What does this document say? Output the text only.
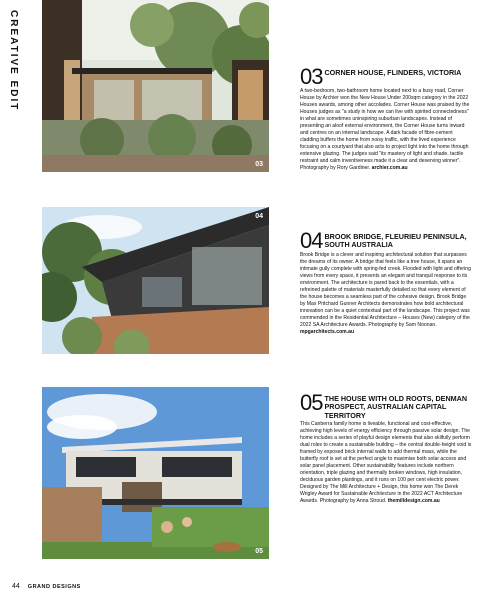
CREATIVE EDIT
03
04
05
03 CORNER HOUSE, FLINDERS, VICTORIA
A two-bedroom, two-bathroom home located next to a busy road, Corner House by Archier won the New House Under 200sqm category in the 2022 Houses awards, among other accolades. Corner House was praised by the Houses judges as "a study in how we can live with spirited connectedness" in what are sometimes uninspiring suburban landscapes. Instead of presenting an aloof external environment, the Corner House turns inward and centres on an internal landscape. A dark facade of fibre-cement cladding buffers the home from noisy traffic, with the lived experience focusing on a courtyard that also acts to project light into the home through extensive glazing. The judges said "its mastery of light and shade, tactile restraint and calm inventiveness made it a clear and deserving winner". Photography by Rory Gardiner. archier.com.au
04 BROOK BRIDGE, FLEURIEU PENINSULA, SOUTH AUSTRALIA
Brook Bridge is a clever and inspiring architectural solution that surpasses the dreams of its owner. A bridge that feels like a tree house, it spans an intimate gully complete with spring-fed creek. Flooded with light and offering views from every space, it presents an elegant and tranquil response to its environment. The architecture is pared back to the essentials, with a refreined palette of materials masterfully detailed so that every element of the house becomes a seamless part of the cohesive design. Brook Bridge by Max Pritchard Gunner Architects demonstrates how bold architectural innovation can be a quiet contextual part of the landscape. This project was commended in the Residential Architecture – Houses (New) category of the 2022 SA Architecture Awards. Photography by Sam Noonan. mpgarchitects.com.au
05 THE HOUSE WITH OLD ROOTS, DENMAN PROSPECT, AUSTRALIAN CAPITAL TERRITORY
This Canberra family home is liveable, functional and cost-effective, achieving high levels of energy efficiency through passive solar design. The home includes a series of playful design elements that also skilfully perform dual roles to create a sustainable building – the central double-height void is framed by exposed brick internal walls to add thermal mass, while the butterfly roof is set at the perfect angle to maximise both solar access and solar panel placement. Other sustainability features include northern orientation, triple glazing and thermally broken windows, high insulation, deciduous garden plantings, and it runs on 100 per cent electric power. Designed by The Mill Architecture + Design, this home won The Derek Wrigley Award for Sustainable Architecture in the 2022 ACT Architecture Awards. Photography by Anna Stroud. themilldesign.com.au
44 GRAND DESIGNS
